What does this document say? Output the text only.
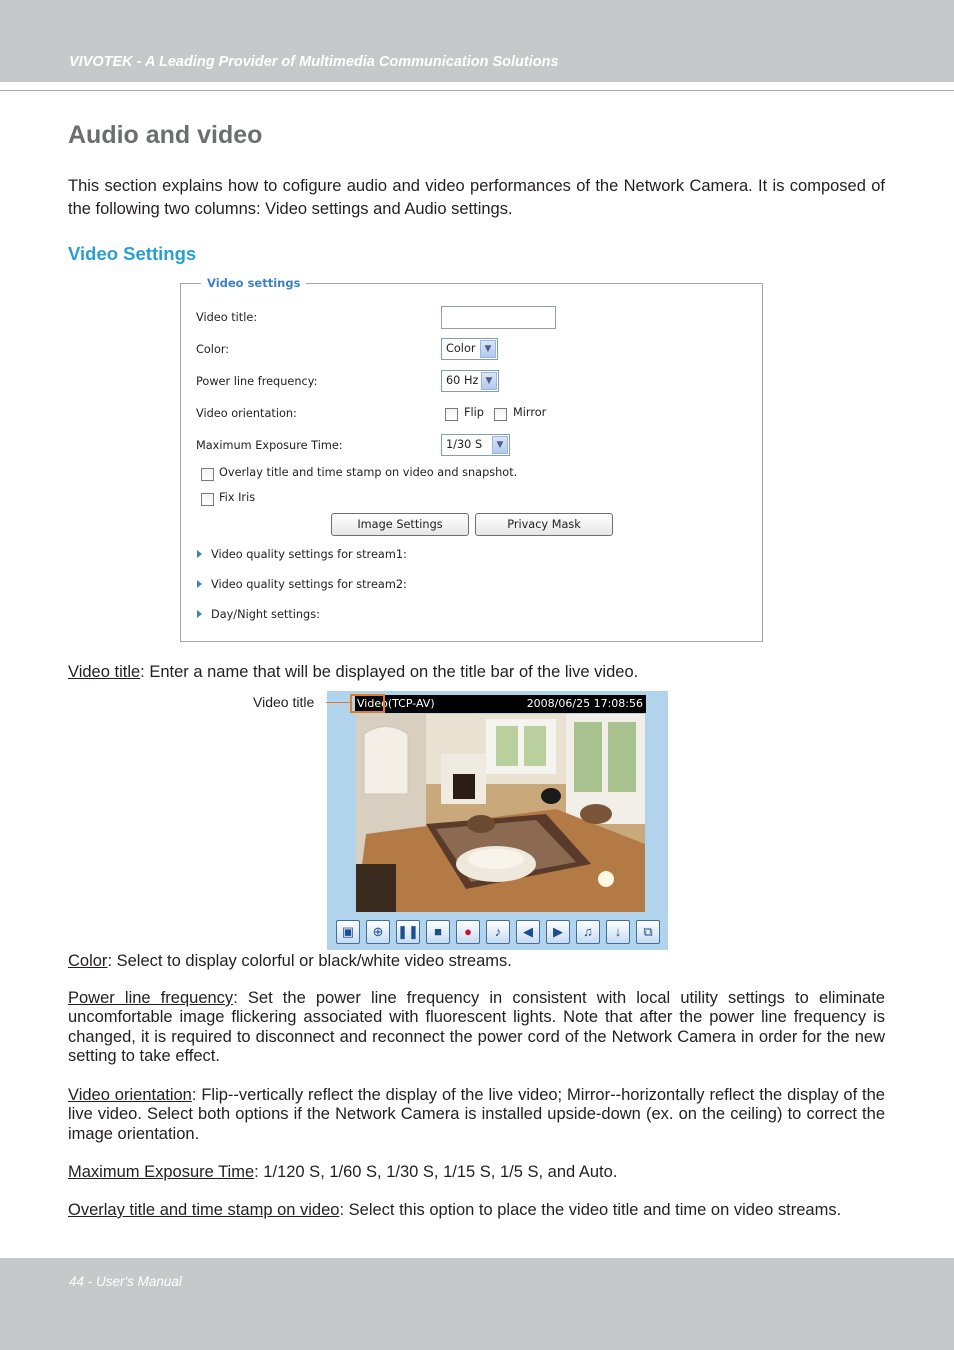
VIVOTEK - A Leading Provider of Multimedia Communication Solutions
Audio and video
This section explains how to cofigure audio and video performances of the Network Camera. It is composed of the following two columns: Video settings and Audio settings.
Video Settings
Video settings
Video title:
Color:	Color	▼
Power line frequency:	60 Hz ▼
Video orientation:	Flip	Mirror
Maximum Exposure Time:	1/30 S	▼
Overlay title and time stamp on video and snapshot.
Fix Iris
Image Settings	Privacy Mask
Video quality settings for stream1:
Video quality settings for stream2:
Day/Night settings:
Video title: Enter a name that will be displayed on the title bar of the live video.
Video title	Video(TCP-AV)	2008/06/25 17:08:56
▣	⊕	❚❚	■	●	♪	◀	▶	♫	↓	⧉
Color: Select to display colorful or black/white video streams.
Power line frequency: Set the power line frequency in consistent with local utility settings to eliminate uncomfortable image flickering associated with fluorescent lights. Note that after the power line frequency is changed, it is required to disconnect and reconnect the power cord of the Network Camera in order for the new setting to take effect.
Video orientation: Flip--vertically reflect the display of the live video; Mirror--horizontally reflect the display of the live video. Select both options if the Network Camera is installed upside-down (ex. on the ceiling) to correct the image orientation.
Maximum Exposure Time: 1/120 S, 1/60 S, 1/30 S, 1/15 S, 1/5 S, and Auto.
Overlay title and time stamp on video: Select this option to place the video title and time on video streams.
44 - User's Manual
